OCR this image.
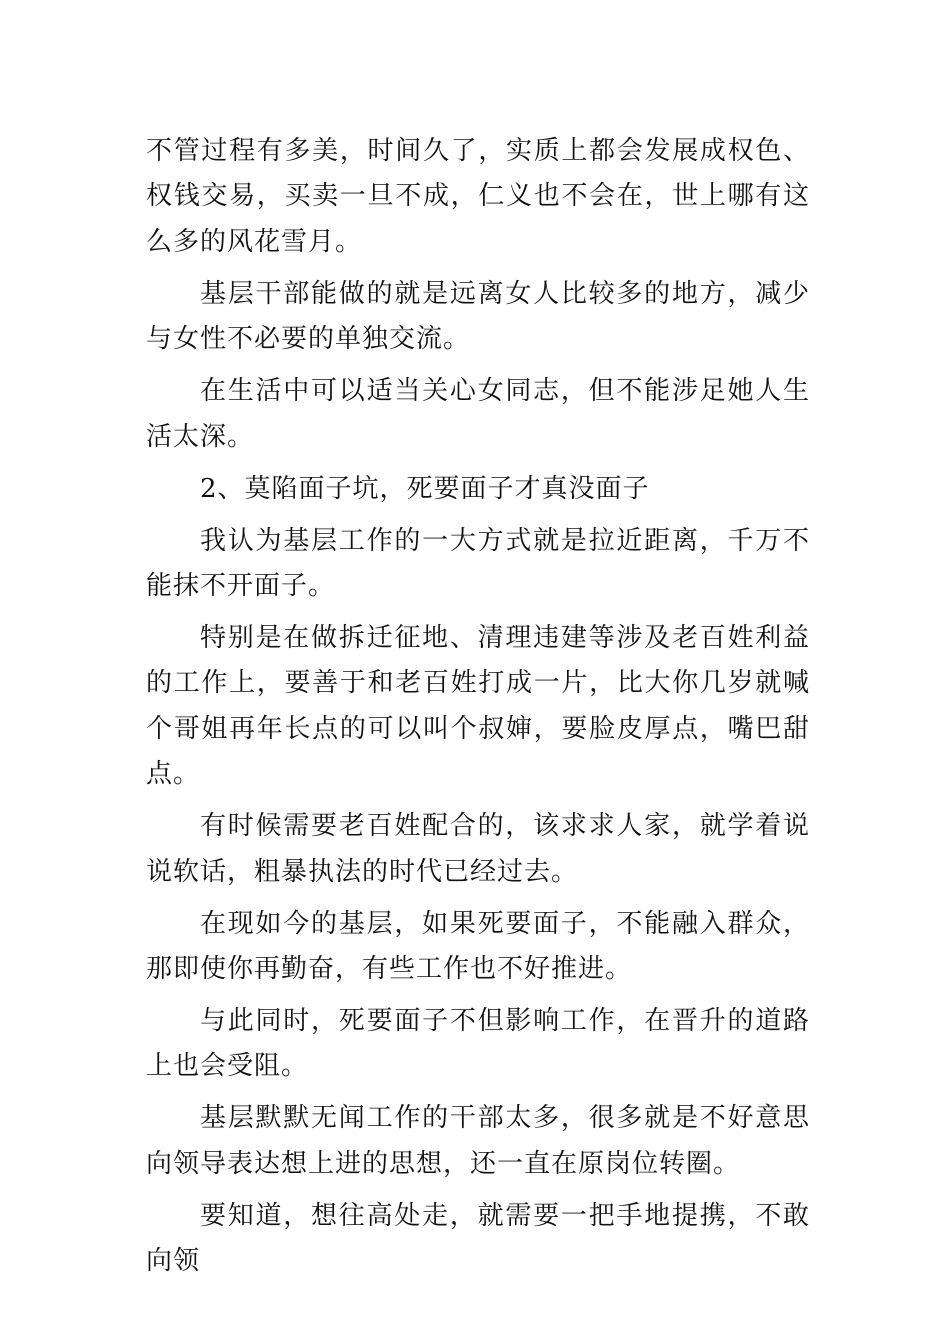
不管过程有多美，时间久了，实质上都会发展成权色、权钱交易，买卖一旦不成，仁义也不会在，世上哪有这么多的风花雪月。

基层干部能做的就是远离女人比较多的地方，减少与女性不必要的单独交流。

在生活中可以适当关心女同志，但不能涉足她人生活太深。

2、莫陷面子坑，死要面子才真没面子

我认为基层工作的一大方式就是拉近距离，千万不能抹不开面子。

特别是在做拆迁征地、清理违建等涉及老百姓利益的工作上，要善于和老百姓打成一片，比大你几岁就喊个哥姐再年长点的可以叫个叔婶，要脸皮厚点，嘴巴甜点。

有时候需要老百姓配合的，该求求人家，就学着说说软话，粗暴执法的时代已经过去。

在现如今的基层，如果死要面子，不能融入群众，那即使你再勤奋，有些工作也不好推进。

与此同时，死要面子不但影响工作，在晋升的道路上也会受阻。

基层默默无闻工作的干部太多，很多就是不好意思向领导表达想上进的思想，还一直在原岗位转圈。

要知道，想往高处走，就需要一把手地提携，不敢向领
